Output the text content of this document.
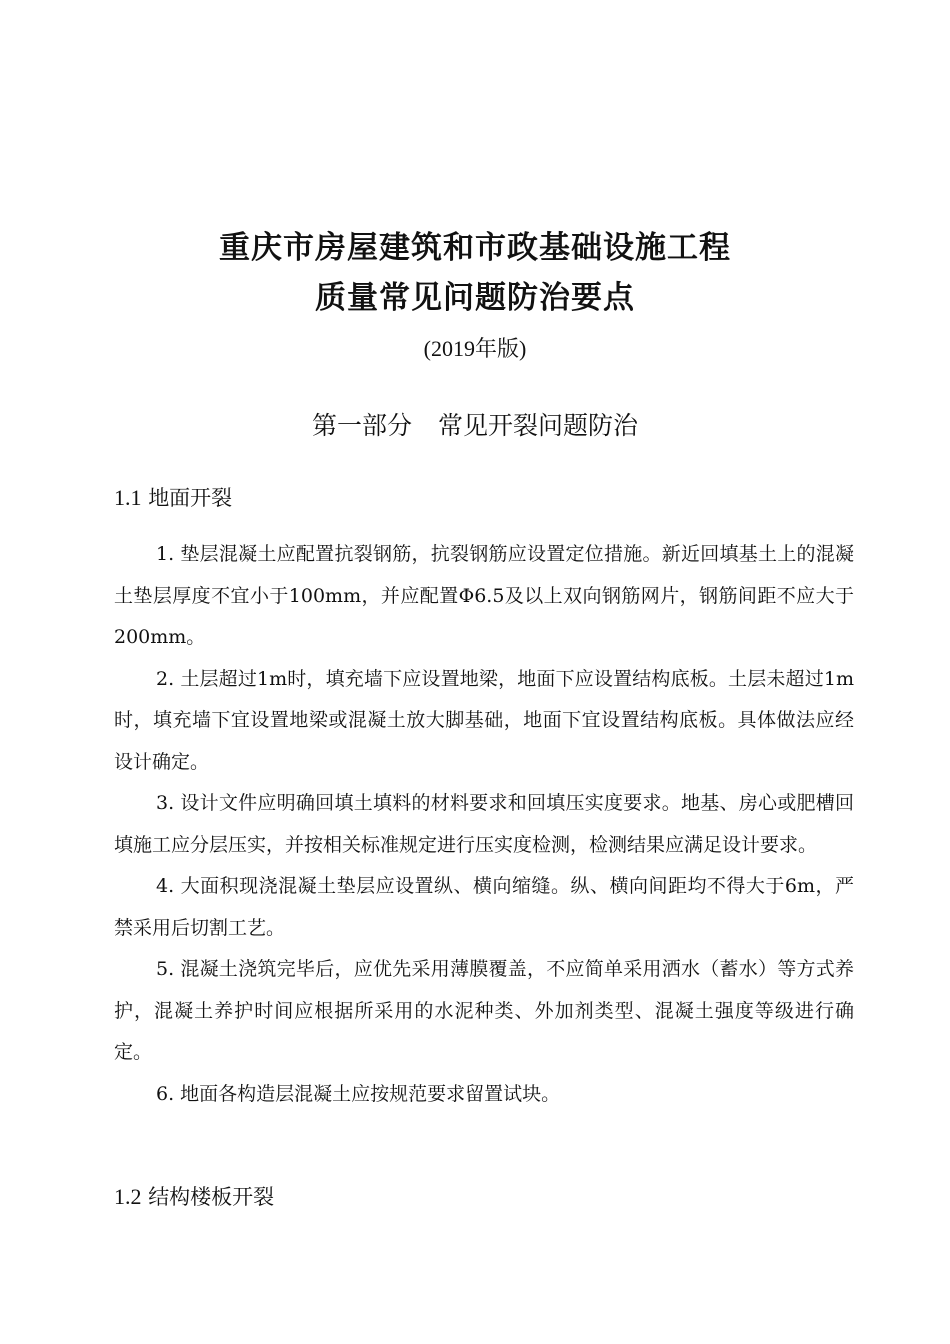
重庆市房屋建筑和市政基础设施工程
质量常见问题防治要点
(2019年版)
第一部分 常见开裂问题防治
1.1 地面开裂

1. 垫层混凝土应配置抗裂钢筋，抗裂钢筋应设置定位措施。新近回填基土上的混凝土垫层厚度不宜小于100mm，并应配置Φ6.5及以上双向钢筋网片，钢筋间距不应大于200mm。

2. 土层超过1m时，填充墙下应设置地梁，地面下应设置结构底板。土层未超过1m时，填充墙下宜设置地梁或混凝土放大脚基础，地面下宜设置结构底板。具体做法应经设计确定。

3. 设计文件应明确回填土填料的材料要求和回填压实度要求。地基、房心或肥槽回填施工应分层压实，并按相关标准规定进行压实度检测，检测结果应满足设计要求。

4. 大面积现浇混凝土垫层应设置纵、横向缩缝。纵、横向间距均不得大于6m，严禁采用后切割工艺。

5. 混凝土浇筑完毕后，应优先采用薄膜覆盖，不应简单采用洒水（蓄水）等方式养护，混凝土养护时间应根据所采用的水泥种类、外加剂类型、混凝土强度等级进行确定。

6. 地面各构造层混凝土应按规范要求留置试块。

1.2 结构楼板开裂
